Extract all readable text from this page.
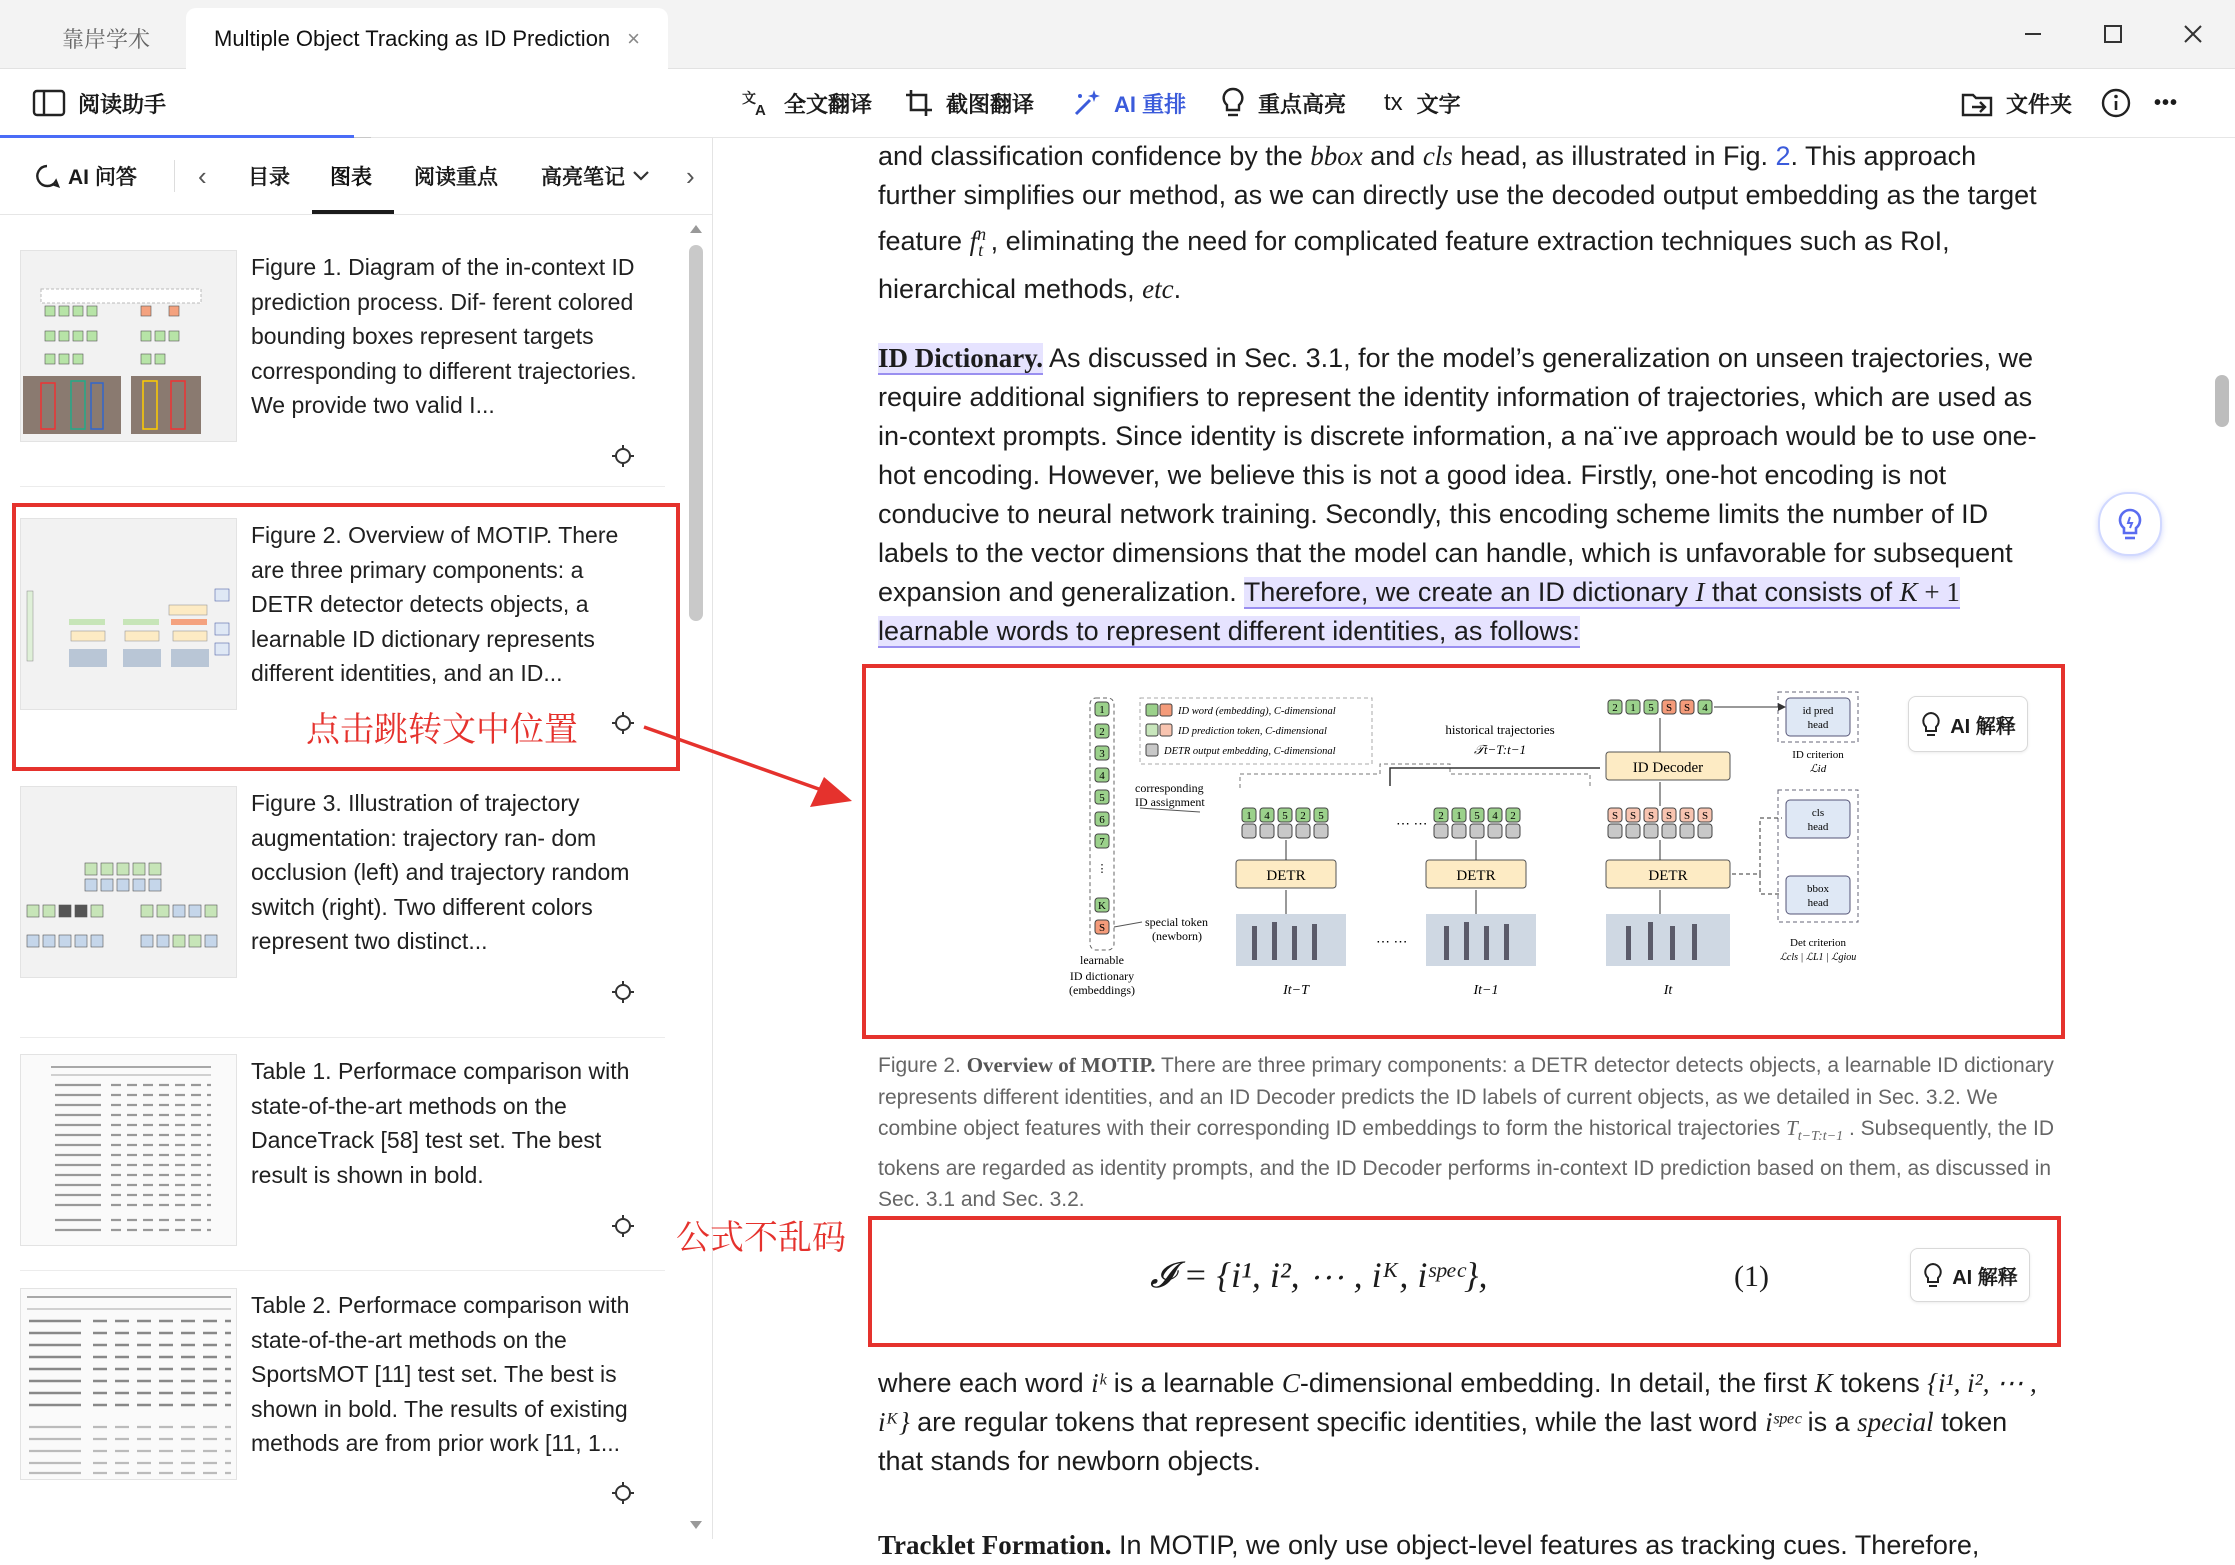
靠岸学术	Multiple Object Tracking as ID Prediction ×
阅读助手	文
A 全文翻译	截图翻译	AI 重排	重点高亮 tx 文字	文件夹	•••
AI 问答 ‹ 目录 图表 阅读重点 高亮笔记 ›
Figure 1. Diagram of the in-context ID prediction process. Dif- ferent colored bounding boxes represent targets corresponding to different trajectories. We provide two valid I...
Figure 2. Overview of MOTIP. There are three primary components: a DETR detector detects objects, a learnable ID dictionary represents different identities, and an ID...
点击跳转文中位置
Figure 3. Illustration of trajectory augmentation: trajectory ran- dom occlusion (left) and trajectory random switch (right). Two different colors represent two distinct...
Table 1. Performace comparison with state-of-the-art methods on the DanceTrack [58] test set. The best result is shown in bold.
Table 2. Performace comparison with state-of-the-art methods on the SportsMOT [11] test set. The best is shown in bold. The results of existing methods are from prior work [11, 1...
and classification confidence by the bbox and cls head, as illustrated in Fig. 2. This approach further simplifies our method, as we can directly use the decoded output embedding as the target feature $f^n_t$ , eliminating the need for complicated feature extraction techniques such as RoI, hierarchical methods, etc.
ID Dictionary. As discussed in Sec. 3.1, for the model’s generalization on unseen trajectories, we require additional signifiers to represent the identity information of trajectories, which are used as in-context prompts. Since identity is discrete information, a na¨ıve approach would be to use one-hot encoding. However, we believe this is not a good idea. Firstly, one-hot encoding is not conducive to neural network training. Secondly, this encoding scheme limits the number of ID labels to the vector dimensions that the model can handle, which is unfavorable for subsequent expansion and generalization. Therefore, we create an ID dictionary I that consists of K + 1 learnable words to represent different identities, as follows:
1
2
3
4
5
6
7
⋮
K
S
learnable
ID dictionary
(embeddings)
ID word (embedding), C-dimensional
ID prediction token, C-dimensional
DETR output embedding, C-dimensional
corresponding
ID assignment
special token
(newborn)
historical trajectories
𝒯t−T:t−1
1 4 5 2 5
⋯ ⋯
2 1 5 4 2	S S S S S S
2 1 5 S S 4
ID Decoder
DETR	DETR	DETR
⋯ ⋯
It−T	It−1	It
id pred
head
ID criterion
ℒid
cls
head
bbox
head
Det criterion
ℒcls | ℒL1 | ℒgiou
AI 解释
Figure 2. Overview of MOTIP. There are three primary components: a DETR detector detects objects, a learnable ID dictionary represents different identities, and an ID Decoder predicts the ID labels of current objects, as we detailed in Sec. 3.2. We combine object features with their corresponding ID embeddings to form the historical trajectories $T_{t-T:t-1}$ . Subsequently, the ID tokens are regarded as identity prompts, and the ID Decoder performs in-context ID prediction based on them, as discussed in Sec. 3.1 and Sec. 3.2.
公式不乱码
𝓘 = {i¹, i², ⋯ , iᴷ, iˢᵖᵉᶜ},	(1)	AI 解释
where each word iᵏ is a learnable C-dimensional embedding. In detail, the first K tokens {i¹, i², ⋯ , iᴷ} are regular tokens that represent specific identities, while the last word iˢᵖᵉᶜ is a special token that stands for newborn objects.
Tracklet Formation. In MOTIP, we only use object-level features as tracking cues. Therefore,
